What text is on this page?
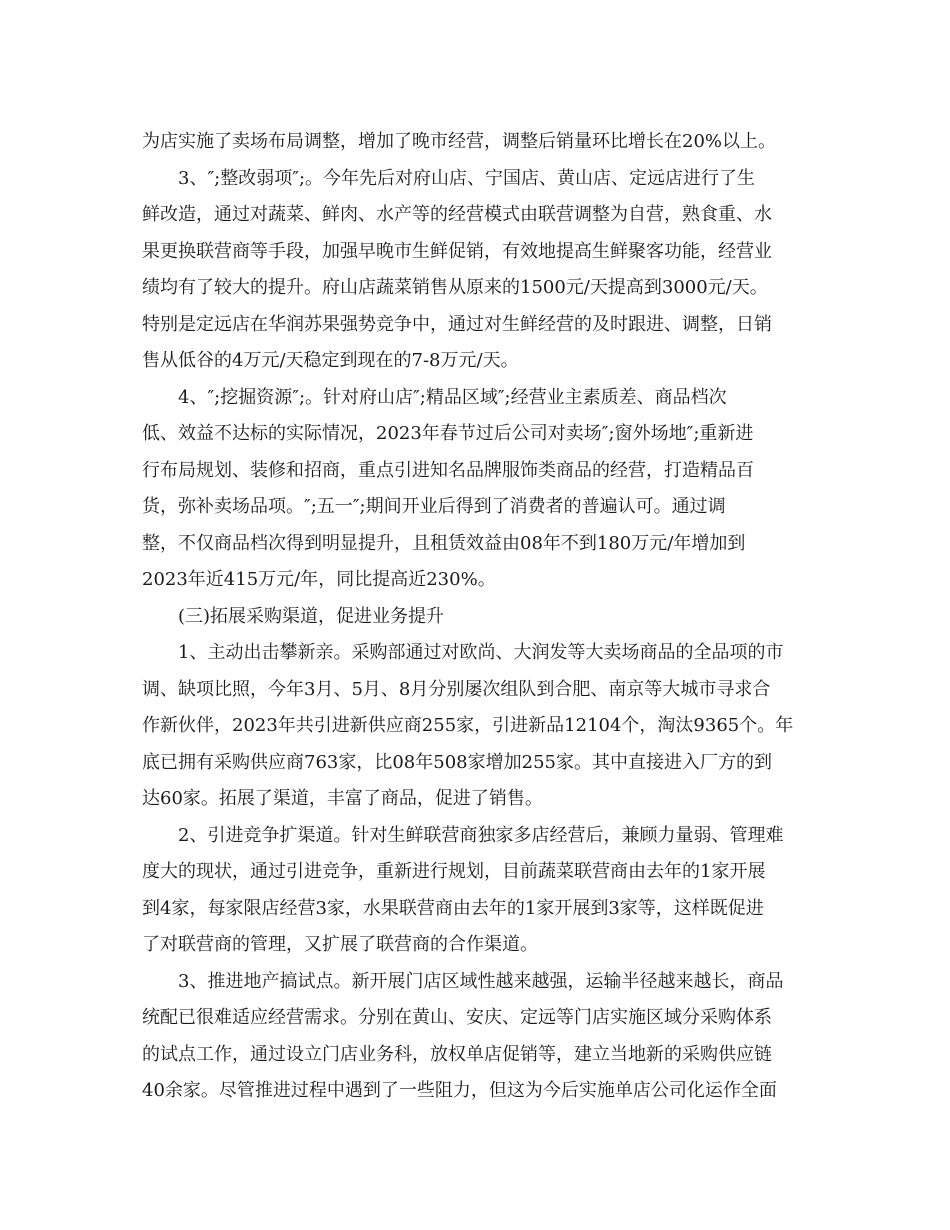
为店实施了卖场布局调整，增加了晚市经营，调整后销量环比增长在20%以上。
3、″;整改弱项″;。今年先后对府山店、宁国店、黄山店、定远店进行了生
鲜改造，通过对蔬菜、鲜肉、水产等的经营模式由联营调整为自营，熟食重、水
果更换联营商等手段，加强早晚市生鲜促销，有效地提高生鲜聚客功能，经营业
绩均有了较大的提升。府山店蔬菜销售从原来的1500元/天提高到3000元/天。
特别是定远店在华润苏果强势竞争中，通过对生鲜经营的及时跟进、调整，日销
售从低谷的4万元/天稳定到现在的7-8万元/天。
4、″;挖掘资源″;。针对府山店″;精品区域″;经营业主素质差、商品档次
低、效益不达标的实际情况，2023年春节过后公司对卖场″;窗外场地″;重新进
行布局规划、装修和招商，重点引进知名品牌服饰类商品的经营，打造精品百
货，弥补卖场品项。″;五一″;期间开业后得到了消费者的普遍认可。通过调
整，不仅商品档次得到明显提升，且租赁效益由08年不到180万元/年增加到
2023年近415万元/年，同比提高近230%。
(三)拓展采购渠道，促进业务提升
1、主动出击攀新亲。采购部通过对欧尚、大润发等大卖场商品的全品项的市
调、缺项比照，今年3月、5月、8月分别屡次组队到合肥、南京等大城市寻求合
作新伙伴，2023年共引进新供应商255家，引进新品12104个，淘汰9365个。年
底已拥有采购供应商763家，比08年508家增加255家。其中直接进入厂方的到
达60家。拓展了渠道，丰富了商品，促进了销售。
2、引进竞争扩渠道。针对生鲜联营商独家多店经营后，兼顾力量弱、管理难
度大的现状，通过引进竞争，重新进行规划，目前蔬菜联营商由去年的1家开展
到4家，每家限店经营3家，水果联营商由去年的1家开展到3家等，这样既促进
了对联营商的管理，又扩展了联营商的合作渠道。
3、推进地产搞试点。新开展门店区域性越来越强，运输半径越来越长，商品
统配已很难适应经营需求。分别在黄山、安庆、定远等门店实施区域分采购体系
的试点工作，通过设立门店业务科，放权单店促销等，建立当地新的采购供应链
40余家。尽管推进过程中遇到了一些阻力，但这为今后实施单店公司化运作全面
